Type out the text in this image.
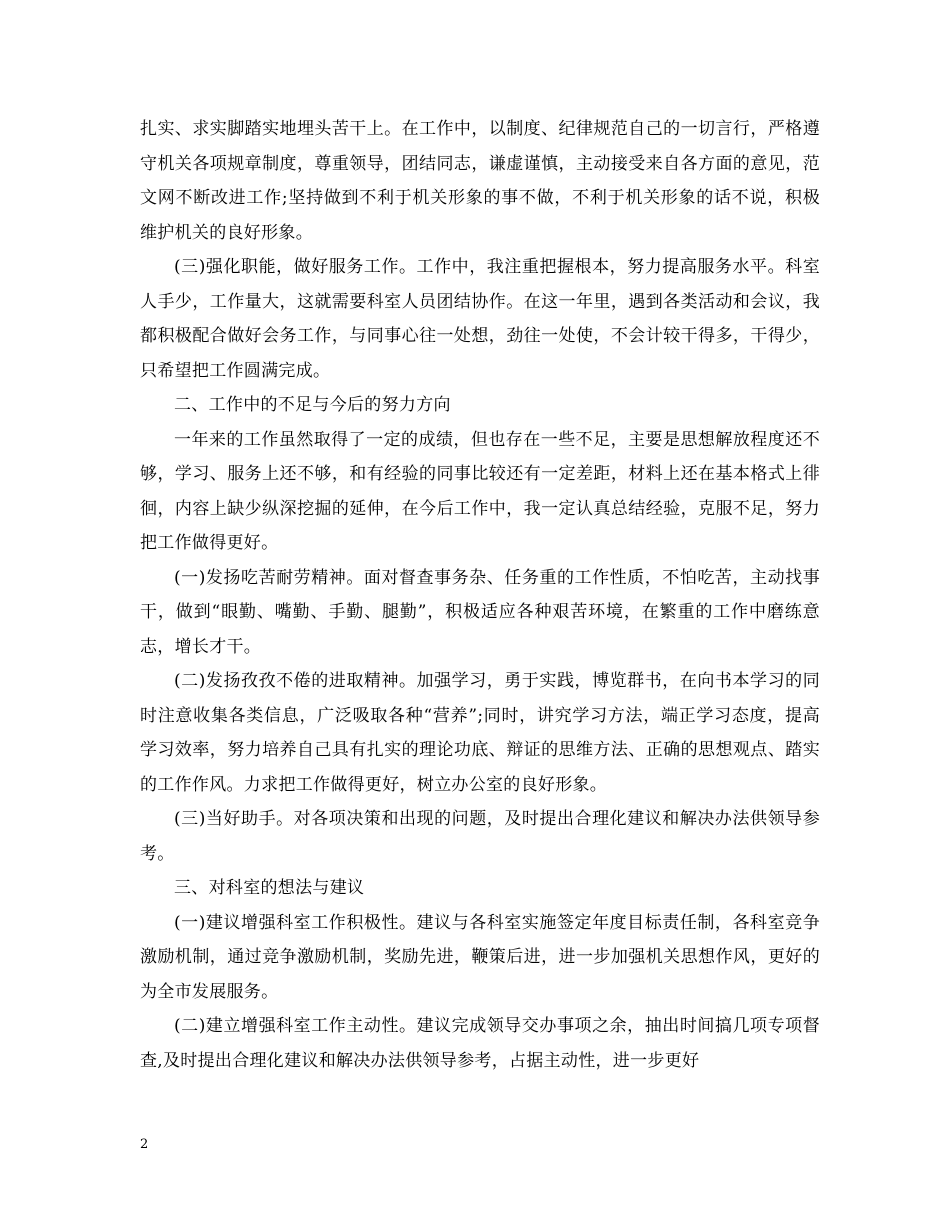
扎实、求实脚踏实地埋头苦干上。在工作中，以制度、纪律规范自己的一切言行，严格遵守机关各项规章制度，尊重领导，团结同志，谦虚谨慎，主动接受来自各方面的意见，范文网不断改进工作;坚持做到不利于机关形象的事不做，不利于机关形象的话不说，积极维护机关的良好形象。

(三)强化职能，做好服务工作。工作中，我注重把握根本，努力提高服务水平。科室人手少，工作量大，这就需要科室人员团结协作。在这一年里，遇到各类活动和会议，我都积极配合做好会务工作，与同事心往一处想，劲往一处使，不会计较干得多，干得少，只希望把工作圆满完成。

二、工作中的不足与今后的努力方向

一年来的工作虽然取得了一定的成绩，但也存在一些不足，主要是思想解放程度还不够，学习、服务上还不够，和有经验的同事比较还有一定差距，材料上还在基本格式上徘徊，内容上缺少纵深挖掘的延伸，在今后工作中，我一定认真总结经验，克服不足，努力把工作做得更好。

(一)发扬吃苦耐劳精神。面对督查事务杂、任务重的工作性质，不怕吃苦，主动找事干，做到“眼勤、嘴勤、手勤、腿勤”，积极适应各种艰苦环境，在繁重的工作中磨练意志，增长才干。

(二)发扬孜孜不倦的进取精神。加强学习，勇于实践，博览群书，在向书本学习的同时注意收集各类信息，广泛吸取各种“营养”;同时，讲究学习方法，端正学习态度，提高学习效率，努力培养自己具有扎实的理论功底、辩证的思维方法、正确的思想观点、踏实的工作作风。力求把工作做得更好，树立办公室的良好形象。

(三)当好助手。对各项决策和出现的问题，及时提出合理化建议和解决办法供领导参考。

三、对科室的想法与建议

(一)建议增强科室工作积极性。建议与各科室实施签定年度目标责任制，各科室竞争激励机制，通过竞争激励机制，奖励先进，鞭策后进，进一步加强机关思想作风，更好的为全市发展服务。

(二)建立增强科室工作主动性。建议完成领导交办事项之余，抽出时间搞几项专项督查,及时提出合理化建议和解决办法供领导参考，占据主动性，进一步更好

2
